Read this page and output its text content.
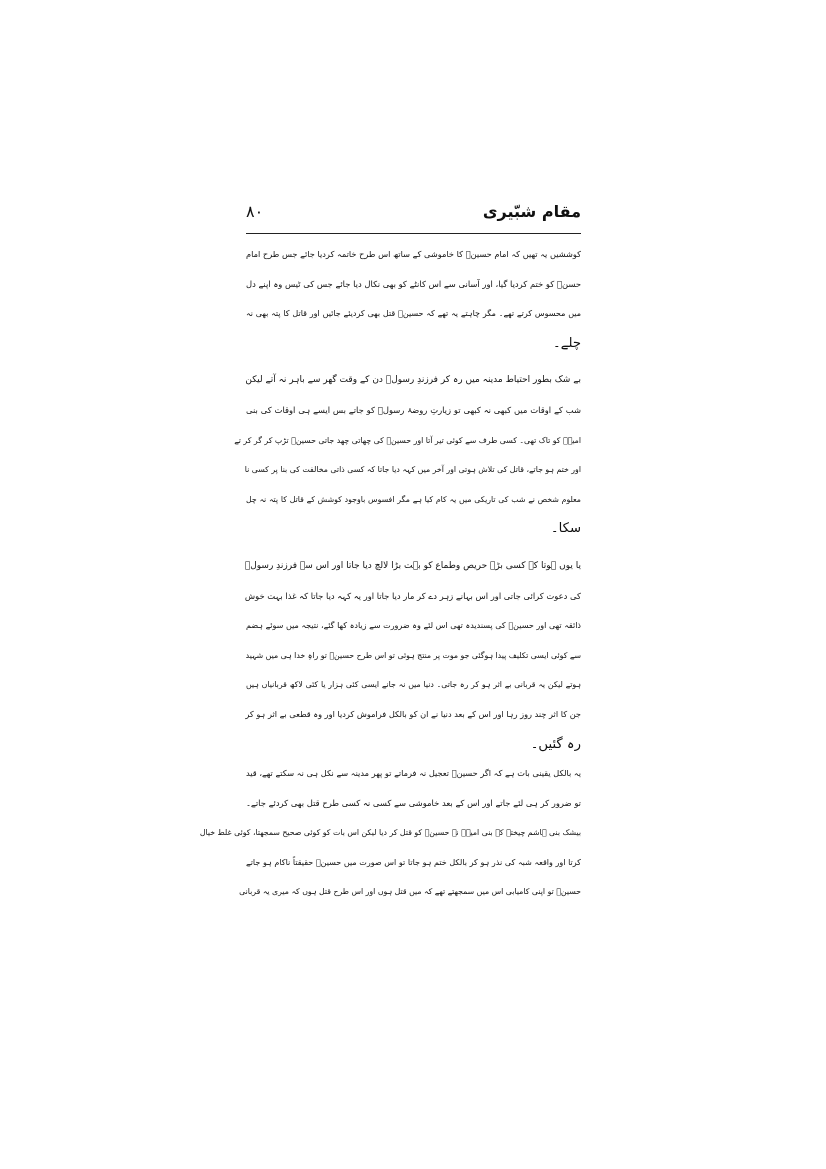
مقام شبّیری
۸۰
کوششیں یہ تھیں کہ امام حسینؑ کا خاموشی کے ساتھ اس طرح خاتمہ کردیا جائے جس طرح امام
حسنؑ کو ختم کردیا گیا، اور آسانی سے اس کانٹے کو بھی نکال دیا جائے جس کی ٹیس وہ اپنے دل
میں محسوس کرتے تھے۔ مگر چاہتے یہ تھے کہ حسینؑ قتل بھی کردیئے جائیں اور قاتل کا پتہ بھی نہ
چلے۔
بے شک بطور احتیاط مدینہ میں رہ کر فرزندِ رسولؐ دن کے وقت گھر سے باہر نہ آتے لیکن
شب کے اوقات میں کبھی نہ کبھی تو زیارتِ روضۂ رسولؐ کو جاتے بس ایسے ہی اوقات کی بنی
امیہؑ کو تاک تھی۔ کسی طرف سے کوئی تیر آتا اور حسینؑ کی چھاتی چھد جاتی حسینؑ تڑپ کر گر کر تے
اور ختم ہو جاتے، قاتل کی تلاش ہوتی اور آخر میں کہہ دیا جاتا کہ کسی ذاتی مخالفت کی بنا پر کسی نا
معلوم شخص نے شب کی تاریکی میں یہ کام کیا ہے مگر افسوس باوجود کوشش کے قاتل کا پتہ نہ چل
سکا۔
یا یوں ہوتا کہ کسی بڑے حریص وطماع کو بہت بڑا لالچ دیا جاتا اور اس سے فرزندِ رسولؐ
کی دعوت کرائی جاتی اور اس بہانے زہر دے کر مار دیا جاتا اور یہ کہہ دیا جاتا کہ غذا بہت خوش
ذائقہ تھی اور حسینؑ کی پسندیدہ تھی اس لئے وہ ضرورت سے زیادہ کھا گئے، نتیجہ میں سوئے ہضم
سے کوئی ایسی تکلیف پیدا ہوگئی جو موت پر منتج ہوئی تو اس طرح حسینؑ تو راہِ خدا ہی میں شہید
ہوتے لیکن یہ قربانی بے اثر ہو کر رہ جاتی۔ دنیا میں نہ جانے ایسی کئی ہزار یا کئی لاکھ قربانیاں ہیں
جن کا اثر چند روز رہا اور اس کے بعد دنیا نے ان کو بالکل فراموش کردیا اور وہ قطعی بے اثر ہو کر
رہ گئیں۔
یہ بالکل یقینی بات ہے کہ اگر حسینؑ تعجیل نہ فرماتے تو پھر مدینہ سے نکل ہی نہ سکتے تھے، قید
تو ضرور کر ہی لئے جاتے اور اس کے بعد خاموشی سے کسی نہ کسی طرح قتل بھی کردئے جاتے۔
بیشک بنی ہاشم چیختے کہ بنی امیہؑ نے حسینؑ کو قتل کر دیا لیکن اس بات کو کوئی صحیح سمجھتا، کوئی غلط خیال
کرتا اور واقعہ شبہ کی نذر ہو کر بالکل ختم ہو جاتا تو اس صورت میں حسینؑ حقیقتاً ناکام ہو جاتے
حسینؑ تو اپنی کامیابی اس میں سمجھتے تھے کہ میں قتل ہوں اور اس طرح قتل ہوں کہ میری یہ قربانی
